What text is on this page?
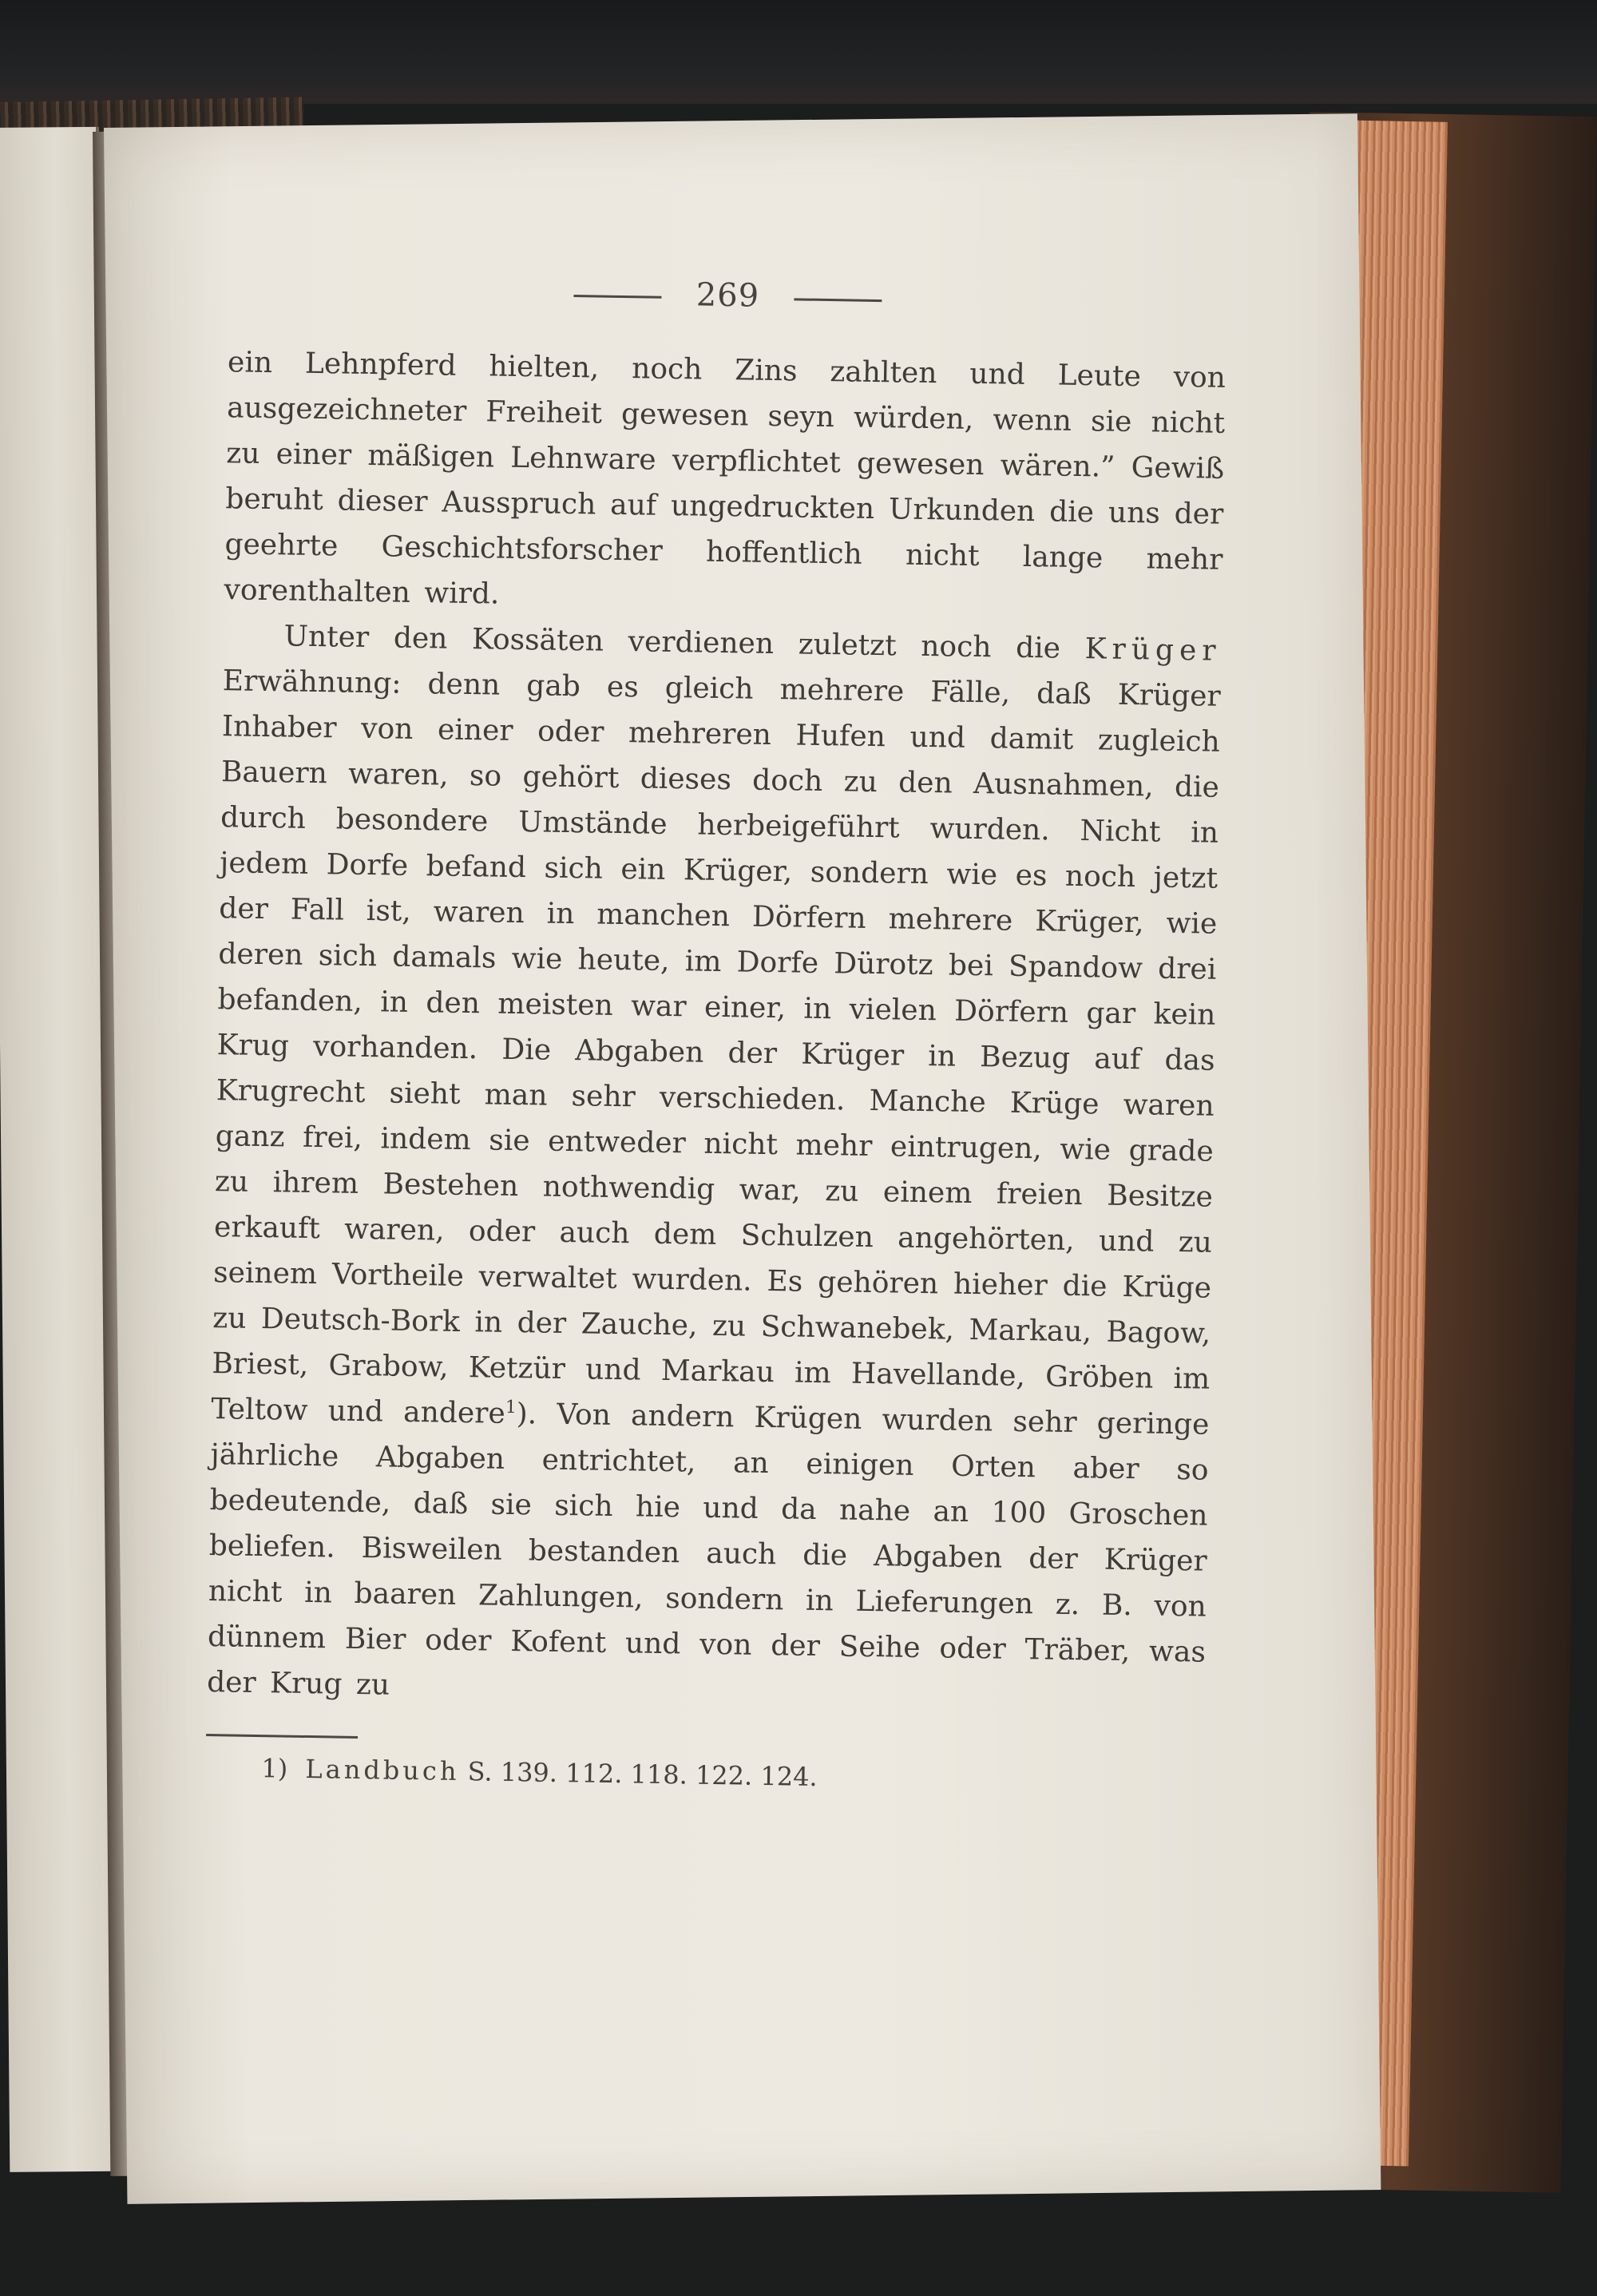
269

ein Lehnpferd hielten, noch Zins zahlten und Leute von ausgezeichneter Freiheit gewesen seyn würden, wenn sie nicht zu einer mäßigen Lehnware verpflichtet gewesen wären.” Gewiß beruht dieser Ausspruch auf ungedruckten Urkunden die uns der geehrte Geschichtsforscher hoffentlich nicht lange mehr vorenthalten wird.

Unter den Kossäten verdienen zuletzt noch die Krüger Erwähnung: denn gab es gleich mehrere Fälle, daß Krüger Inhaber von einer oder mehreren Hufen und damit zugleich Bauern waren, so gehört dieses doch zu den Ausnahmen, die durch besondere Umstände herbeigeführt wurden. Nicht in jedem Dorfe befand sich ein Krüger, sondern wie es noch jetzt der Fall ist, waren in manchen Dörfern mehrere Krüger, wie deren sich damals wie heute, im Dorfe Dürotz bei Spandow drei befanden, in den meisten war einer, in vielen Dörfern gar kein Krug vorhanden. Die Abgaben der Krüger in Bezug auf das Krugrecht sieht man sehr verschieden. Manche Krüge waren ganz frei, indem sie entweder nicht mehr eintrugen, wie grade zu ihrem Bestehen nothwendig war, zu einem freien Besitze erkauft waren, oder auch dem Schulzen angehörten, und zu seinem Vortheile verwaltet wurden. Es gehören hieher die Krüge zu Deutsch-Bork in der Zauche, zu Schwanebek, Markau, Bagow, Briest, Grabow, Ketzür und Markau im Havellande, Gröben im Teltow und andere$^1$). Von andern Krügen wurden sehr geringe jährliche Abgaben entrichtet, an einigen Orten aber so bedeutende, daß sie sich hie und da nahe an 100 Groschen beliefen. Bisweilen bestanden auch die Abgaben der Krüger nicht in baaren Zahlungen, sondern in Lieferungen z. B. von dünnem Bier oder Kofent und von der Seihe oder Träber, was der Krug zu

1) Landbuch S. 139. 112. 118. 122. 124.
